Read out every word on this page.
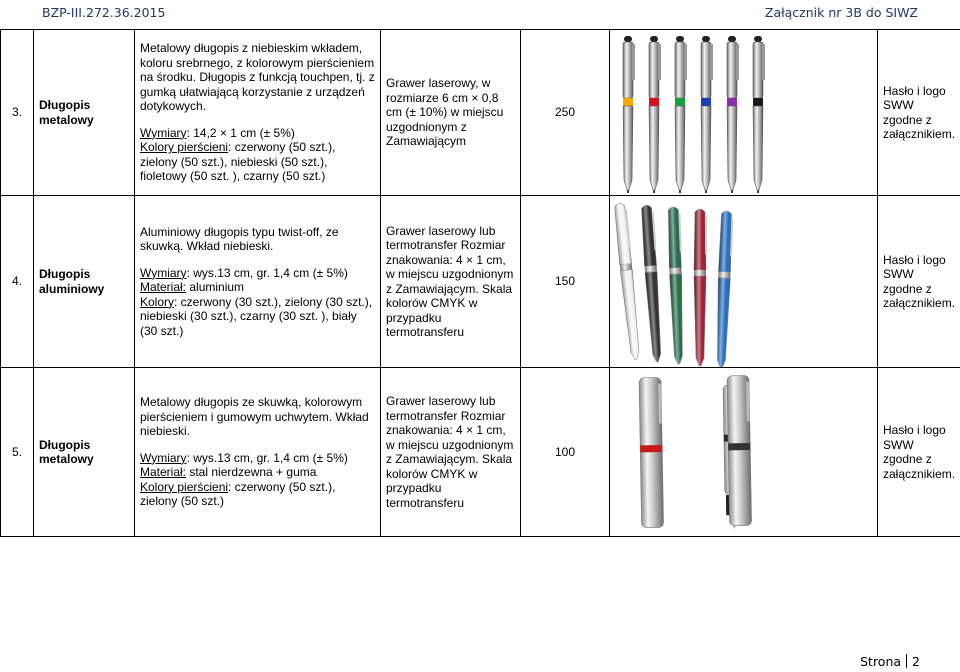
BZP-III.272.36.2015	Załącznik nr 3B do SIWZ
3.	Długopis metalowy	Metalowy długopis z niebieskim wkładem, koloru srebrnego, z kolorowym pierścieniem na środku. Długopis z funkcją touchpen, tj. z gumką ułatwiającą korzystanie z urządzeń dotykowych.

Wymiary: 14,2 × 1 cm (± 5%)
Kolory pierścieni: czerwony (50 szt.), zielony (50 szt.), niebieski (50 szt.), fioletowy (50 szt. ), czarny (50 szt.)	Grawer laserowy, w rozmiarze 6 cm × 0,8 cm (± 10%) w miejscu uzgodnionym z Zamawiającym	250		Hasło i logo SWW zgodne z załącznikiem.
4.	Długopis aluminiowy	Aluminiowy długopis typu twist-off, ze skuwką. Wkład niebieski.

Wymiary: wys.13 cm, gr. 1,4 cm (± 5%)
Materiał: aluminium
Kolory: czerwony (30 szt.), zielony (30 szt.), niebieski (30 szt.), czarny (30 szt. ), biały (30 szt.)	Grawer laserowy lub termotransfer Rozmiar znakowania: 4 × 1 cm, w miejscu uzgodnionym z Zamawiającym. Skala kolorów CMYK w przypadku termotransferu	150		Hasło i logo SWW zgodne z załącznikiem.
5.	Długopis metalowy	Metalowy długopis ze skuwką, kolorowym pierścieniem i gumowym uchwytem. Wkład niebieski.

Wymiary: wys.13 cm, gr. 1,4 cm (± 5%)
Materiał: stal nierdzewna + guma
Kolory pierścieni: czerwony (50 szt.), zielony (50 szt.)	Grawer laserowy lub termotransfer Rozmiar znakowania: 4 × 1 cm, w miejscu uzgodnionym z Zamawiającym. Skala kolorów CMYK w przypadku termotransferu	100		Hasło i logo SWW zgodne z załącznikiem.
Strona 2
